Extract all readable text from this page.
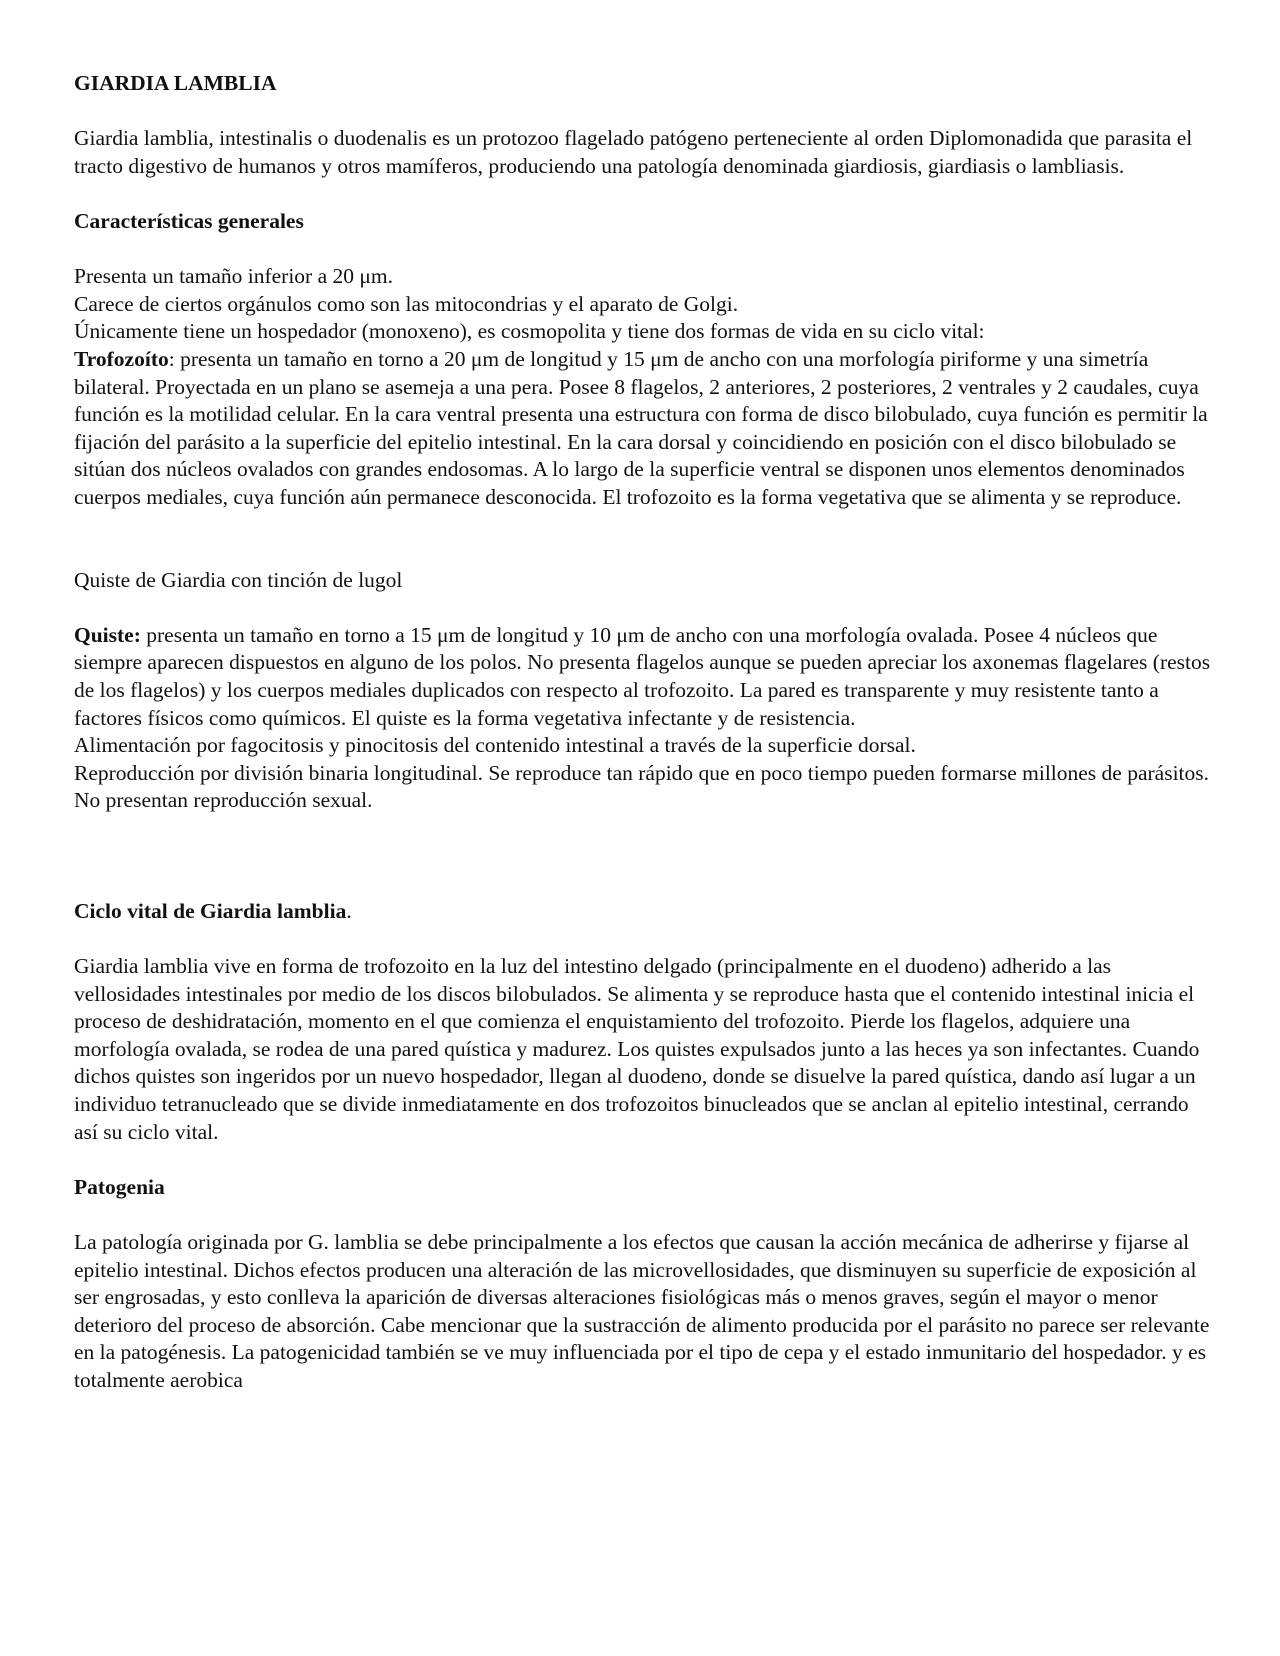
GIARDIA LAMBLIA

Giardia lamblia, intestinalis o duodenalis es un protozoo flagelado patógeno perteneciente al orden Diplomonadida que parasita el tracto digestivo de humanos y otros mamíferos, produciendo una patología denominada giardiosis, giardiasis o lambliasis.

Características generales

Presenta un tamaño inferior a 20 μm.

Carece de ciertos orgánulos como son las mitocondrias y el aparato de Golgi.

Únicamente tiene un hospedador (monoxeno), es cosmopolita y tiene dos formas de vida en su ciclo vital:

Trofozoíto: presenta un tamaño en torno a 20 μm de longitud y 15 μm de ancho con una morfología piriforme y una simetría bilateral. Proyectada en un plano se asemeja a una pera. Posee 8 flagelos, 2 anteriores, 2 posteriores, 2 ventrales y 2 caudales, cuya función es la motilidad celular. En la cara ventral presenta una estructura con forma de disco bilobulado, cuya función es permitir la fijación del parásito a la superficie del epitelio intestinal. En la cara dorsal y coincidiendo en posición con el disco bilobulado se sitúan dos núcleos ovalados con grandes endosomas. A lo largo de la superficie ventral se disponen unos elementos denominados cuerpos mediales, cuya función aún permanece desconocida. El trofozoito es la forma vegetativa que se alimenta y se reproduce.

Quiste de Giardia con tinción de lugol

Quiste: presenta un tamaño en torno a 15 μm de longitud y 10 μm de ancho con una morfología ovalada. Posee 4 núcleos que siempre aparecen dispuestos en alguno de los polos. No presenta flagelos aunque se pueden apreciar los axonemas flagelares (restos de los flagelos) y los cuerpos mediales duplicados con respecto al trofozoito. La pared es transparente y muy resistente tanto a factores físicos como químicos. El quiste es la forma vegetativa infectante y de resistencia.

Alimentación por fagocitosis y pinocitosis del contenido intestinal a través de la superficie dorsal.

Reproducción por división binaria longitudinal. Se reproduce tan rápido que en poco tiempo pueden formarse millones de parásitos. No presentan reproducción sexual.

Ciclo vital de Giardia lamblia.

Giardia lamblia vive en forma de trofozoito en la luz del intestino delgado (principalmente en el duodeno) adherido a las vellosidades intestinales por medio de los discos bilobulados. Se alimenta y se reproduce hasta que el contenido intestinal inicia el proceso de deshidratación, momento en el que comienza el enquistamiento del trofozoito. Pierde los flagelos, adquiere una morfología ovalada, se rodea de una pared quística y madurez. Los quistes expulsados junto a las heces ya son infectantes. Cuando dichos quistes son ingeridos por un nuevo hospedador, llegan al duodeno, donde se disuelve la pared quística, dando así lugar a un individuo tetranucleado que se divide inmediatamente en dos trofozoitos binucleados que se anclan al epitelio intestinal, cerrando así su ciclo vital.

Patogenia

La patología originada por G. lamblia se debe principalmente a los efectos que causan la acción mecánica de adherirse y fijarse al epitelio intestinal. Dichos efectos producen una alteración de las microvellosidades, que disminuyen su superficie de exposición al ser engrosadas, y esto conlleva la aparición de diversas alteraciones fisiológicas más o menos graves, según el mayor o menor deterioro del proceso de absorción. Cabe mencionar que la sustracción de alimento producida por el parásito no parece ser relevante en la patogénesis. La patogenicidad también se ve muy influenciada por el tipo de cepa y el estado inmunitario del hospedador. y es totalmente aerobica
